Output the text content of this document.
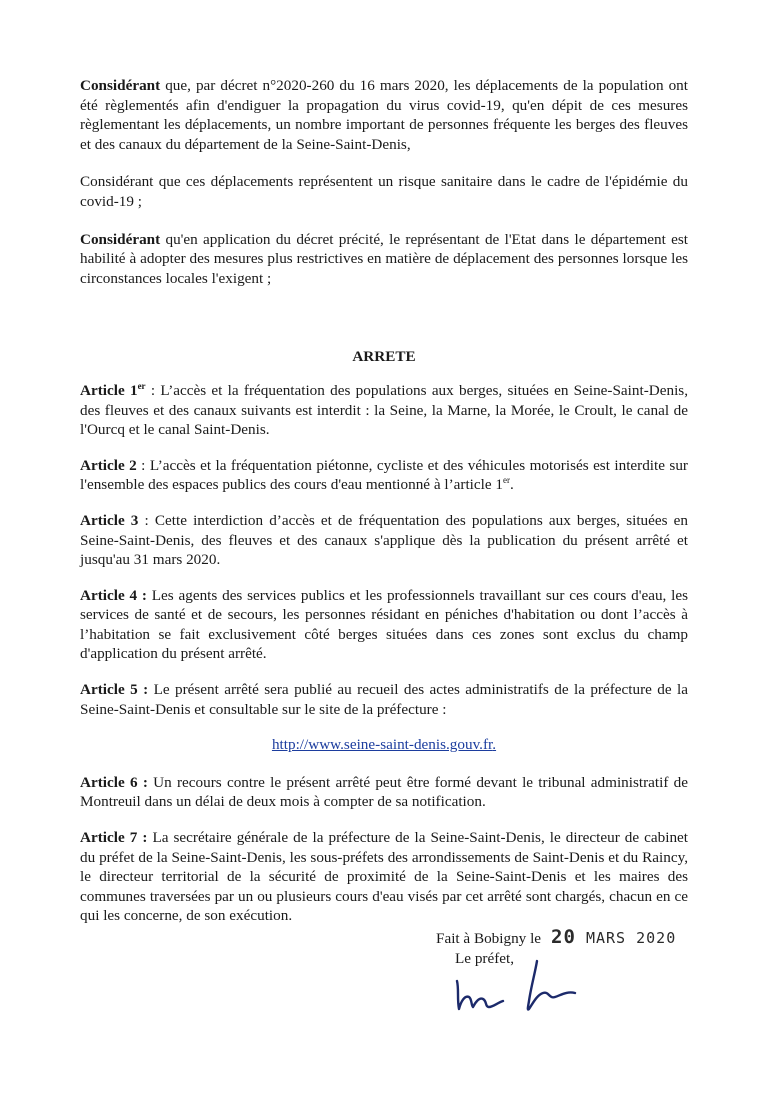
Considérant que, par décret n°2020-260 du 16 mars 2020, les déplacements de la population ont été règlementés afin d'endiguer la propagation du virus covid-19, qu'en dépit de ces mesures règlementant les déplacements, un nombre important de personnes fréquente les berges des fleuves et des canaux du département de la Seine-Saint-Denis,

Considérant que ces déplacements représentent un risque sanitaire dans le cadre de l'épidémie du covid-19 ;

Considérant qu'en application du décret précité, le représentant de l'Etat dans le département est habilité à adopter des mesures plus restrictives en matière de déplacement des personnes lorsque les circonstances locales l'exigent ;

ARRETE

Article 1er : L’accès et la fréquentation des populations aux berges, situées en Seine-Saint-Denis, des fleuves et des canaux suivants est interdit : la Seine, la Marne, la Morée, le Croult, le canal de l'Ourcq et le canal Saint-Denis.

Article 2 : L’accès et la fréquentation piétonne, cycliste et des véhicules motorisés est interdite sur l'ensemble des espaces publics des cours d'eau mentionné à l’article 1er.

Article 3 : Cette interdiction d’accès et de fréquentation des populations aux berges, situées en Seine-Saint-Denis, des fleuves et des canaux s'applique dès la publication du présent arrêté et jusqu'au 31 mars 2020.

Article 4 : Les agents des services publics et les professionnels travaillant sur ces cours d'eau, les services de santé et de secours, les personnes résidant en péniches d'habitation ou dont l’accès à l’habitation se fait exclusivement côté berges situées dans ces zones sont exclus du champ d'application du présent arrêté.

Article 5 : Le présent arrêté sera publié au recueil des actes administratifs de la préfecture de la Seine-Saint-Denis et consultable sur le site de la préfecture :

http://www.seine-saint-denis.gouv.fr.

Article 6 : Un recours contre le présent arrêté peut être formé devant le tribunal administratif de Montreuil dans un délai de deux mois à compter de sa notification.

Article 7 : La secrétaire générale de la préfecture de la Seine-Saint-Denis, le directeur de cabinet du préfet de la Seine-Saint-Denis, les sous-préfets des arrondissements de Saint-Denis et du Raincy, le directeur territorial de la sécurité de proximité de la Seine-Saint-Denis et les maires des communes traversées par un ou plusieurs cours d'eau visés par cet arrêté sont chargés, chacun en ce qui les concerne, de son exécution.

Fait à Bobigny le 20 MARS 2020
Le préfet,
